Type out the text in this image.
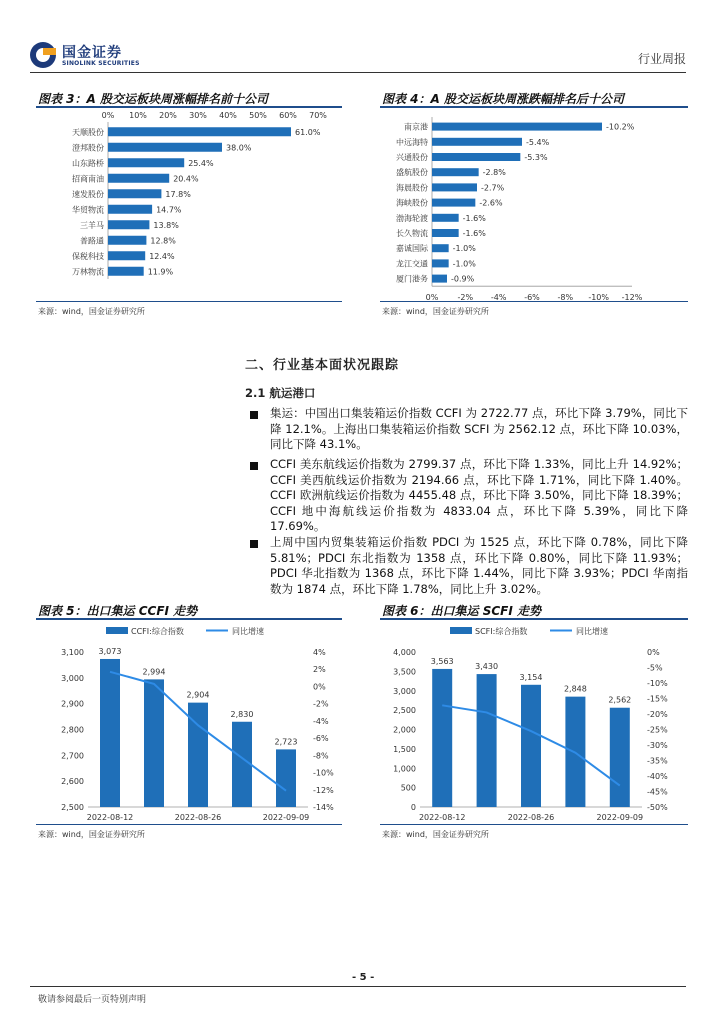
国金证券
SINOLINK SECURITIES	行业周报
图表 3：A 股交运板块周涨幅排名前十公司
0% 10% 20% 30% 40% 50% 60% 70%
天顺股份	61.0%
澄邦股份	38.0%
山东路桥	25.4%
招商南油	20.4%
速发股份	17.8%
华贸物流	14.7%
三羊马	13.8%
普路通	12.8%
保税科技	12.4%
万林物流	11.9%
来源：wind，国金证券研究所
图表 4：A 股交运板块周涨跌幅排名后十公司
0% -2% -4% -6% -8% -10% -12%
南京港	-10.2%
中远海特	-5.4%
兴通股份	-5.3%
盛航股份	-2.8%
海晨股份	-2.7%
海峡股份	-2.6%
渤海轮渡	-1.6%
长久物流	-1.6%
嘉诚国际	-1.0%
龙江交通	-1.0%
厦门港务	-0.9%
来源：wind，国金证券研究所
二、行业基本面状况跟踪
2.1 航运港口
集运：中国出口集装箱运价指数 CCFI 为 2722.77 点，环比下降 3.79%，同比下降 12.1%。上海出口集装箱运价指数 SCFI 为 2562.12 点，环比下降 10.03%，同比下降 43.1%。
CCFI 美东航线运价指数为 2799.37 点，环比下降 1.33%，同比上升 14.92%；CCFI 美西航线运价指数为 2194.66 点，环比下降 1.71%，同比下降 1.40%。CCFI 欧洲航线运价指数为 4455.48 点，环比下降 3.50%，同比下降 18.39%；CCFI 地中海航线运价指数为 4833.04 点，环比下降 5.39%，同比下降 17.69%。
上周中国内贸集装箱运价指数 PDCI 为 1525 点，环比下降 0.78%，同比下降 5.81%；PDCI 东北指数为 1358 点，环比下降 0.80%，同比下降 11.93%；PDCI 华北指数为 1368 点，环比下降 1.44%，同比下降 3.93%；PDCI 华南指数为 1874 点，环比下降 1.78%，同比上升 3.02%。
图表 5：出口集运 CCFI 走势
CCFI:综合指数	同比增速
3,100
3,000
2,900
2,800
2,700
2,600
2,500
4%
2%
0%
-2%
-4%
-6%
-8%
-10%
-12%
-14%
3,073
2,994
2,904
2,830
2,723
2022-08-12	2022-08-26	2022-09-09
来源：wind，国金证券研究所
图表 6：出口集运 SCFI 走势
SCFI:综合指数	同比增速
4,000
3,500
3,000
2,500
2,000
1,500
1,000
500
0
0%
-5%
-10%
-15%
-20%
-25%
-30%
-35%
-40%
-45%
-50%
3,563
3,430
3,154
2,848
2,562
2022-08-12	2022-08-26	2022-09-09
来源：wind，国金证券研究所
- 5 -
敬请参阅最后一页特别声明
